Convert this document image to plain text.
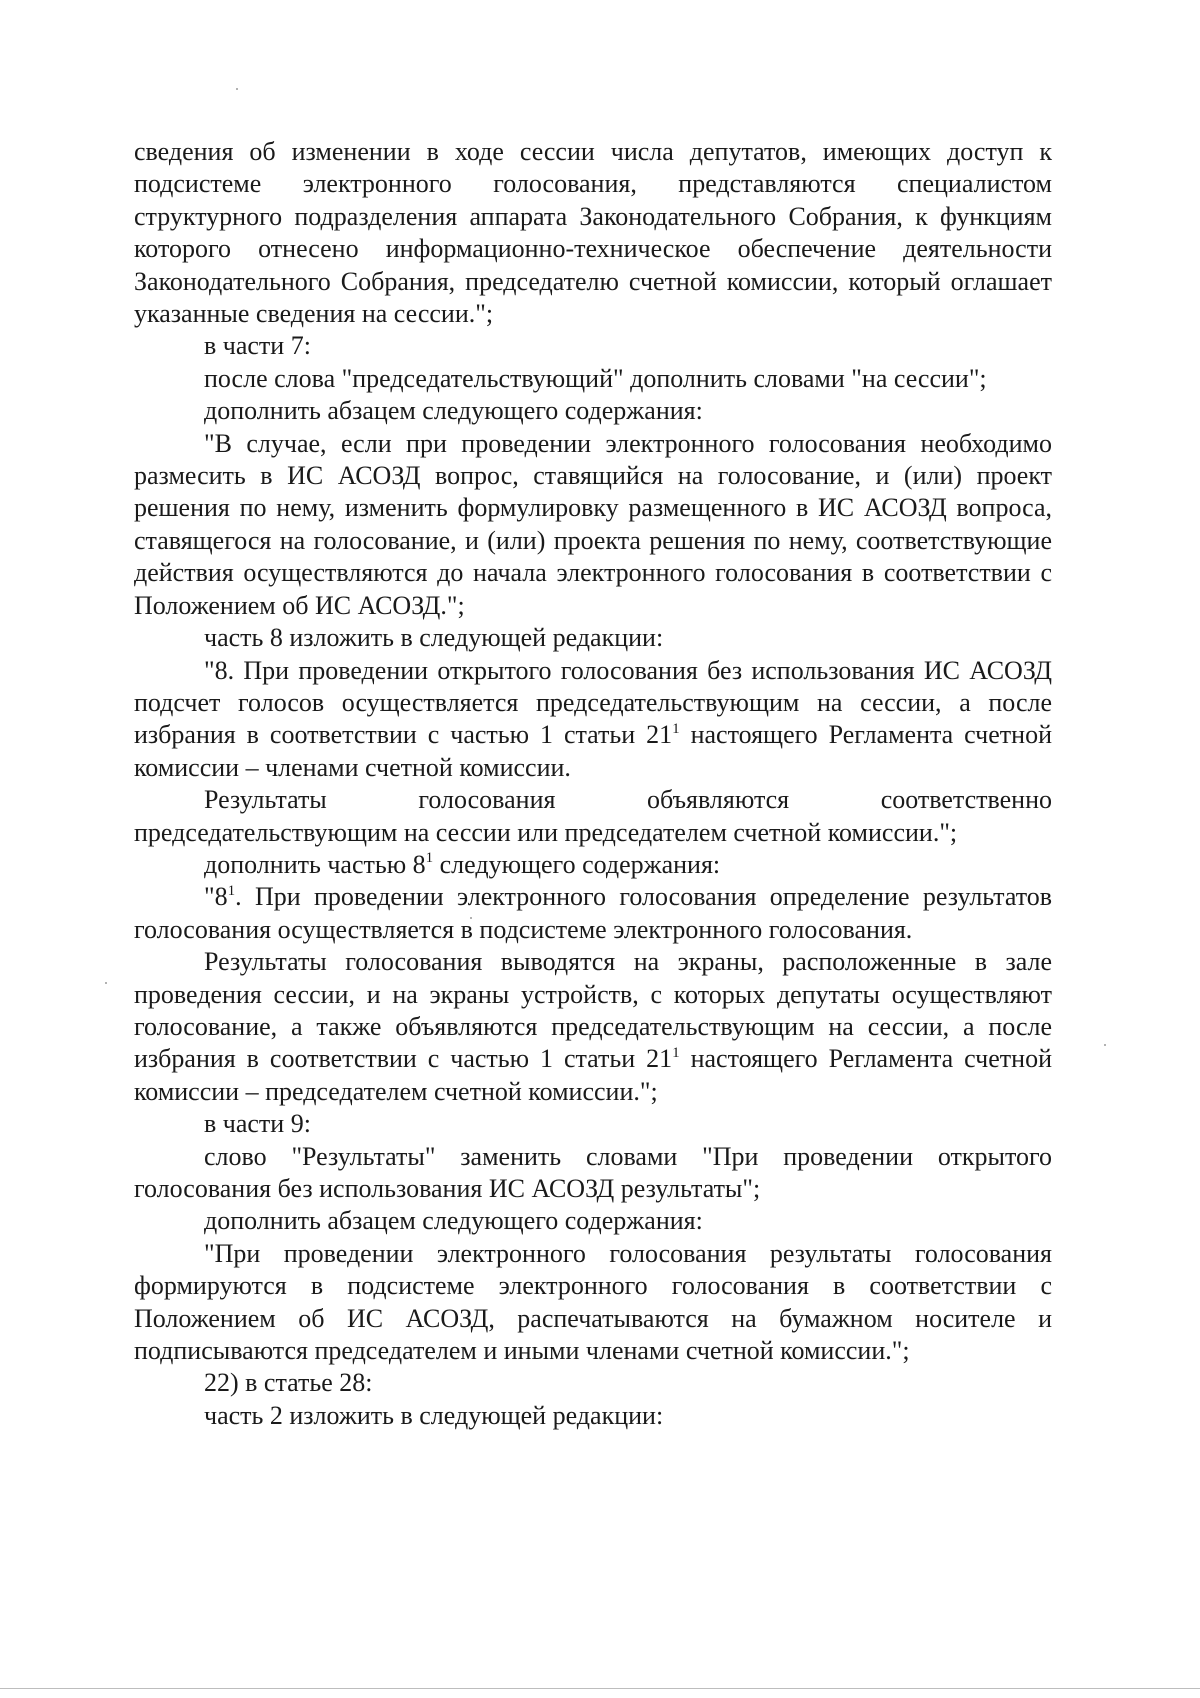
сведения об изменении в ходе сессии числа депутатов, имеющих доступ к подсистеме электронного голосования, представляются специалистом структурного подразделения аппарата Законодательного Собрания, к функциям которого отнесено информационно-техническое обеспечение деятельности Законодательного Собрания, председателю счетной комиссии, который оглашает указанные сведения на сессии.";

в части 7:

после слова "председательствующий" дополнить словами "на сессии";

дополнить абзацем следующего содержания:

"В случае, если при проведении электронного голосования необходимо размесить в ИС АСОЗД вопрос, ставящийся на голосование, и (или) проект решения по нему, изменить формулировку размещенного в ИС АСОЗД вопроса, ставящегося на голосование, и (или) проекта решения по нему, соответствующие действия осуществляются до начала электронного голосования в соответствии с Положением об ИС АСОЗД.";

часть 8 изложить в следующей редакции:

"8. При проведении открытого голосования без использования ИС АСОЗД подсчет голосов осуществляется председательствующим на сессии, а после избрания в соответствии с частью 1 статьи $21^1$ настоящего Регламента счетной комиссии – членами счетной комиссии.

Результаты голосования объявляются соответственно председательствующим на сессии или председателем счетной комиссии.";

дополнить частью $8^1$ следующего содержания:

"$8^1$. При проведении электронного голосования определение результатов голосования осуществляется в подсистеме электронного голосования.

Результаты голосования выводятся на экраны, расположенные в зале проведения сессии, и на экраны устройств, с которых депутаты осуществляют голосование, а также объявляются председательствующим на сессии, а после избрания в соответствии с частью 1 статьи $21^1$ настоящего Регламента счетной комиссии – председателем счетной комиссии.";

в части 9:

слово "Результаты" заменить словами "При проведении открытого голосования без использования ИС АСОЗД результаты";

дополнить абзацем следующего содержания:

"При проведении электронного голосования результаты голосования формируются в подсистеме электронного голосования в соответствии с Положением об ИС АСОЗД, распечатываются на бумажном носителе и подписываются председателем и иными членами счетной комиссии.";

22) в статье 28:

часть 2 изложить в следующей редакции:
